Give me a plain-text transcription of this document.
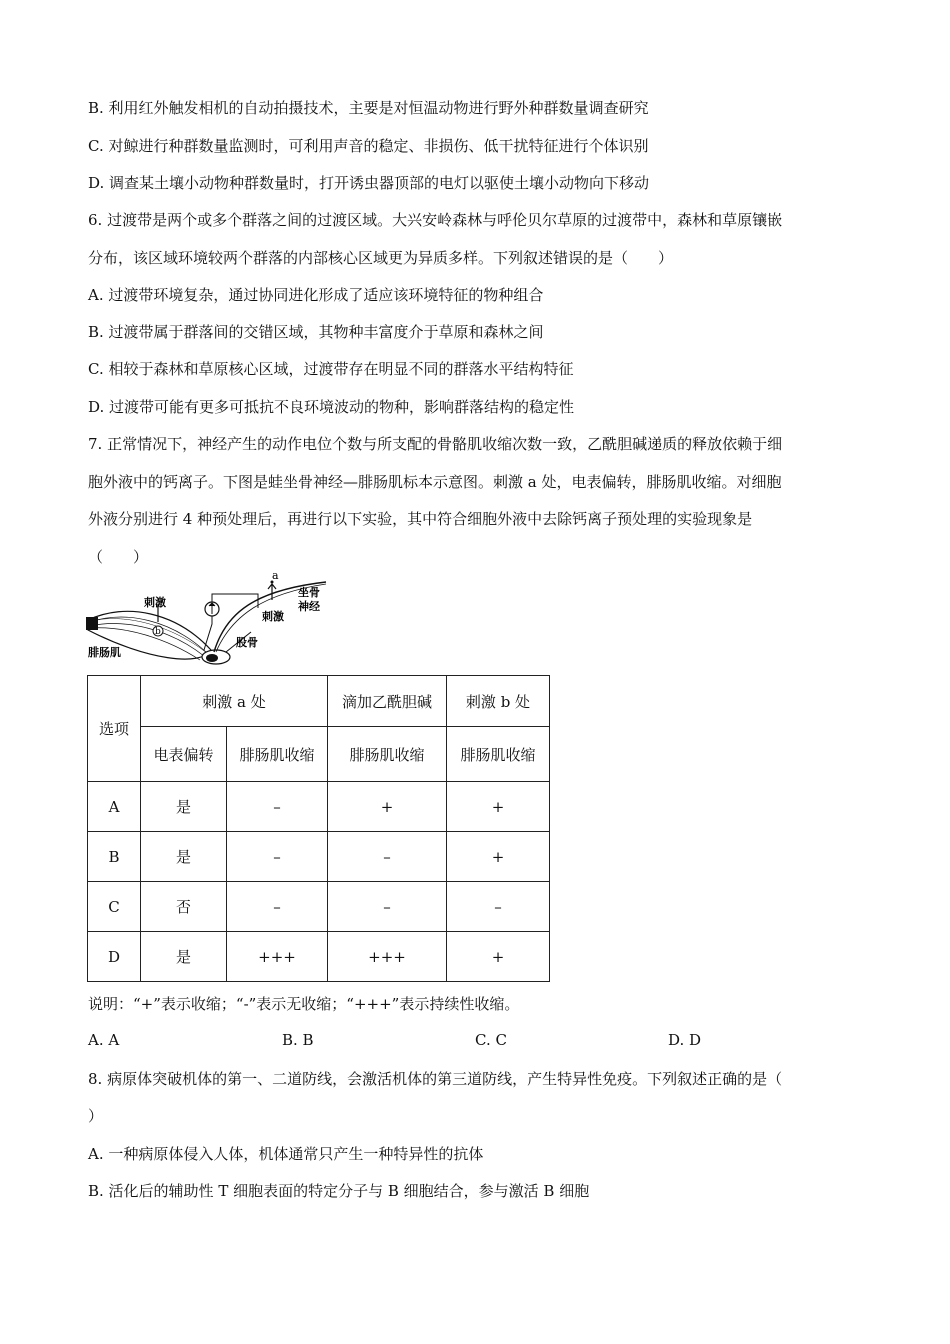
B. 利用红外触发相机的自动拍摄技术，主要是对恒温动物进行野外种群数量调查研究
C. 对鲸进行种群数量监测时，可利用声音的稳定、非损伤、低干扰特征进行个体识别
D. 调查某土壤小动物种群数量时，打开诱虫器顶部的电灯以驱使土壤小动物向下移动
6. 过渡带是两个或多个群落之间的过渡区域。大兴安岭森林与呼伦贝尔草原的过渡带中，森林和草原镶嵌
分布，该区域环境较两个群落的内部核心区域更为异质多样。下列叙述错误的是（　　）
A. 过渡带环境复杂，通过协同进化形成了适应该环境特征的物种组合
B. 过渡带属于群落间的交错区域，其物种丰富度介于草原和森林之间
C. 相较于森林和草原核心区域，过渡带存在明显不同的群落水平结构特征
D. 过渡带可能有更多可抵抗不良环境波动的物种，影响群落结构的稳定性
7. 正常情况下，神经产生的动作电位个数与所支配的骨骼肌收缩次数一致，乙酰胆碱递质的释放依赖于细
胞外液中的钙离子。下图是蛙坐骨神经—腓肠肌标本示意图。刺激 a 处，电表偏转，腓肠肌收缩。对细胞
外液分别进行 4 种预处理后，再进行以下实验，其中符合细胞外液中去除钙离子预处理的实验现象是
（　　）
刺激
b
a
刺激
坐骨
神经
股骨
腓肠肌
选项	刺激 a 处		滴加乙酰胆碱	刺激 b 处
	电表偏转	腓肠肌收缩	腓肠肌收缩	腓肠肌收缩
A	是	–	+	+
B	是	–	–	+
C	否	–	–	–
D	是	+++	+++	+
说明：“+”表示收缩；“-”表示无收缩；“+++”表示持续性收缩。
A. A	B. B	C. C	D. D
8. 病原体突破机体的第一、二道防线，会激活机体的第三道防线，产生特异性免疫。下列叙述正确的是（
）
A. 一种病原体侵入人体，机体通常只产生一种特异性的抗体
B. 活化后的辅助性 T 细胞表面的特定分子与 B 细胞结合，参与激活 B 细胞
